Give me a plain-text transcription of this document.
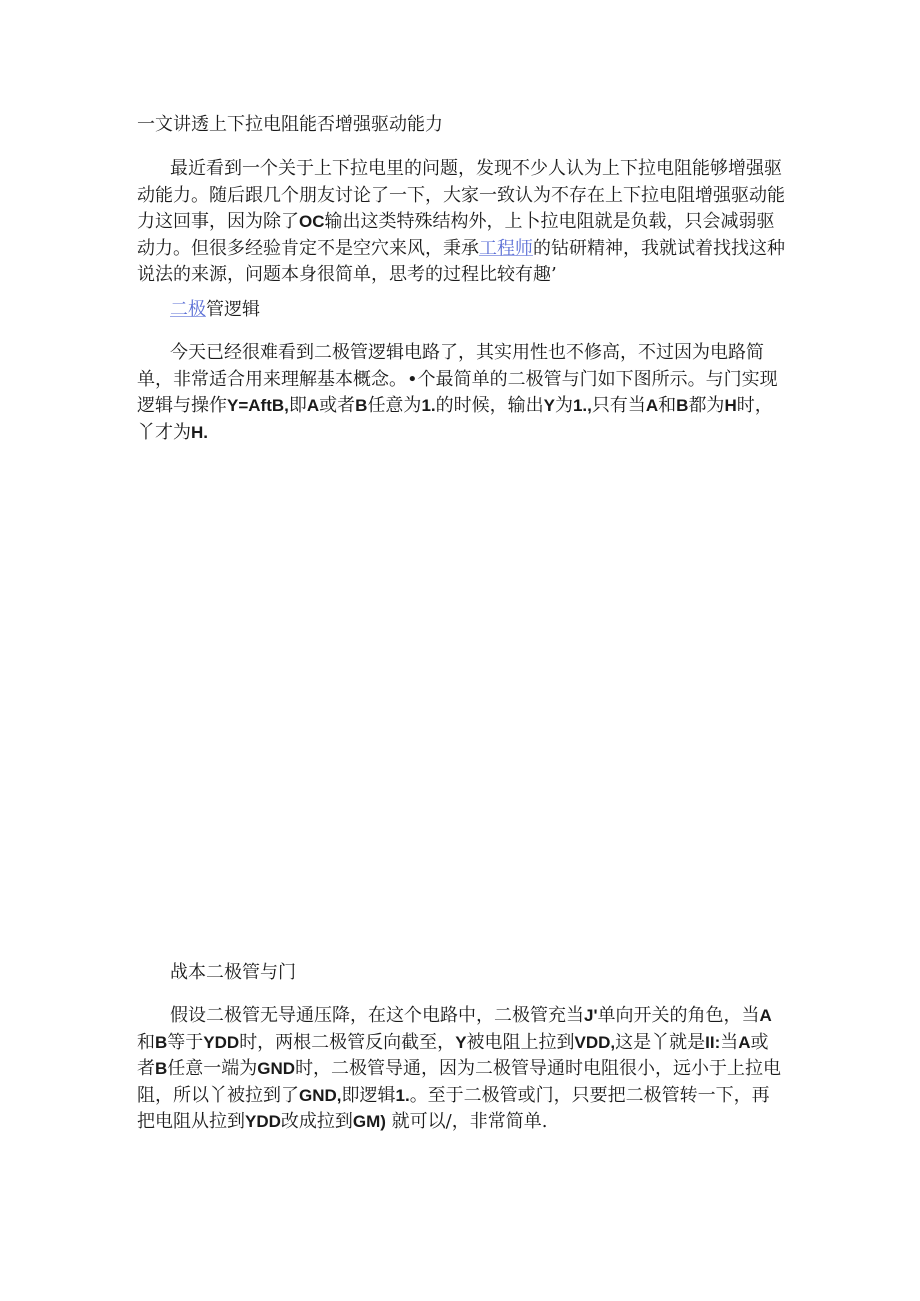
一文讲透上下拉电阻能否增强驱动能力

最近看到一个关于上下拉电里的问题，发现不少人认为上下拉电阻能够增强驱动能力。随后跟几个朋友讨论了一下，大家一致认为不存在上下拉电阻增强驱动能力这回事，因为除了OC输出这类特殊结构外，上卜拉电阻就是负载，只会减弱驱动力。但很多经验肯定不是空穴来风，秉承工程师的钻研精神，我就试着找找这种说法的来源，问题本身很简单，思考的过程比较有趣’

二极管逻辑

今天已经很难看到二极管逻辑电路了，其实用性也不修高，不过因为电路简单，非常适合用来理解基本概念。•个最简单的二极管与门如下图所示。与门实现逻辑与操作Y=AftB,即A或者B任意为1.的时候，输出Y为1.,只有当A和B都为H时，丫才为H.

战本二极管与门

假设二极管无导通压降，在这个电路中，二极管充当J'单向开关的角色，当A和B等于YDD时，两根二极管反向截至，Y被电阻上拉到VDD,这是丫就是II:当A或者B任意一端为GND时，二极管导通，因为二极管导通时电阻很小，远小于上拉电阻，所以丫被拉到了GND,即逻辑1.。至于二极管或门，只要把二极管转一下，再把电阻从拉到YDD改成拉到GM) 就可以/，非常简单.
